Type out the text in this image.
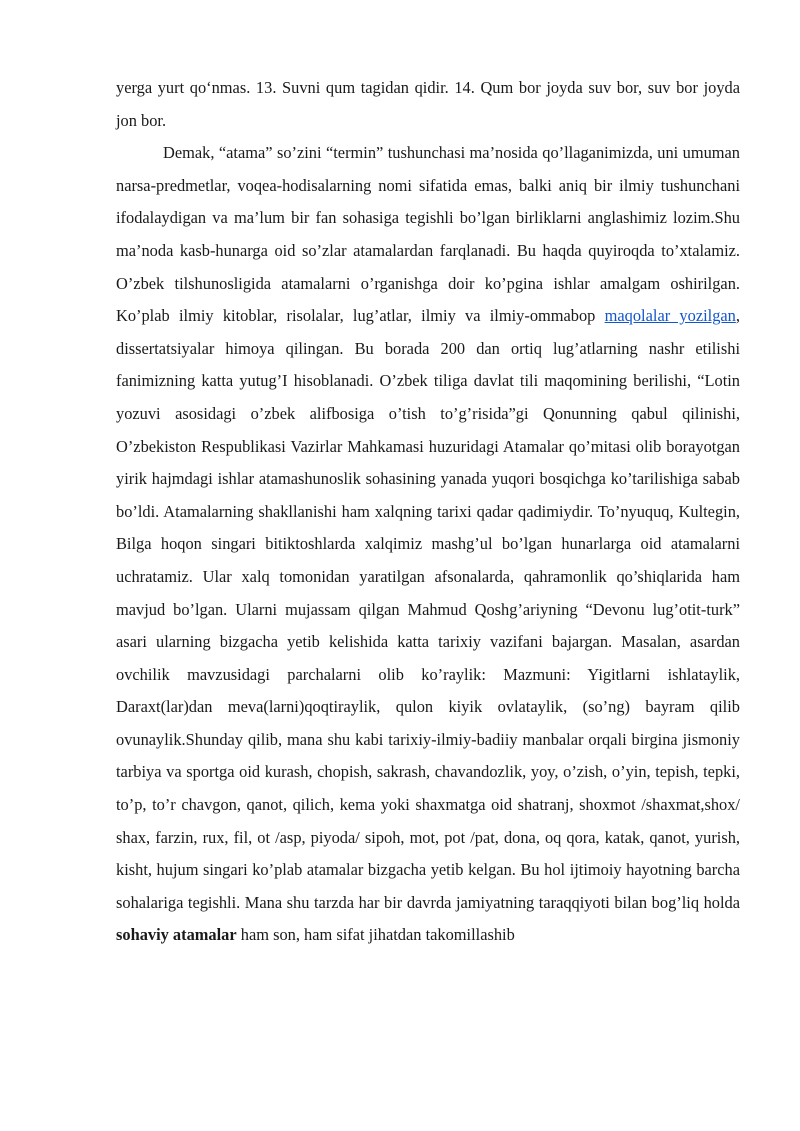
yerga yurt qo‘nmas. 13. Suvni qum tagidan qidir. 14. Qum bor joyda suv bor, suv bor joyda jon bor.

Demak, “atama” so’zini “termin” tushunchasi ma’nosida qo’llaganimizda, uni umuman narsa-predmetlar, voqea-hodisalarning nomi sifatida emas, balki aniq bir ilmiy tushunchani ifodalaydigan va ma’lum bir fan sohasiga tegishli bo’lgan birliklarni anglashimiz lozim.Shu ma’noda kasb-hunarga oid so’zlar atamalardan farqlanadi. Bu haqda quyiroqda to’xtalamiz. O’zbek tilshunosligida atamalarni o’rganishga doir ko’pgina ishlar amalgam oshirilgan. Ko’plab ilmiy kitoblar, risolalar, lug’atlar, ilmiy va ilmiy-ommabop maqolalar yozilgan, dissertatsiyalar himoya qilingan. Bu borada 200 dan ortiq lug’atlarning nashr etilishi fanimizning katta yutug’I hisoblanadi. O’zbek tiliga davlat tili maqomining berilishi, “Lotin yozuvi asosidagi o’zbek alifbosiga o’tish to’g’risida”gi Qonunning qabul qilinishi, O’zbekiston Respublikasi Vazirlar Mahkamasi huzuridagi Atamalar qo’mitasi olib borayotgan yirik hajmdagi ishlar atamashunoslik sohasining yanada yuqori bosqichga ko’tarilishiga sabab bo’ldi. Atamalarning shakllanishi ham xalqning tarixi qadar qadimiydir. To’nyuquq, Kultegin, Bilga hoqon singari bitiktoshlarda xalqimiz mashg’ul bo’lgan hunarlarga oid atamalarni uchratamiz. Ular xalq tomonidan yaratilgan afsonalarda, qahramonlik qo’shiqlarida ham mavjud bo’lgan. Ularni mujassam qilgan Mahmud Qoshg’ariyning “Devonu lug’otit-turk” asari ularning bizgacha yetib kelishida katta tarixiy vazifani bajargan. Masalan, asardan ovchilik mavzusidagi parchalarni olib ko’raylik: Mazmuni: Yigitlarni ishlataylik, Daraxt(lar)dan meva(larni)qoqtiraylik, qulon kiyik ovlataylik, (so’ng) bayram qilib ovunaylik.Shunday qilib, mana shu kabi tarixiy-ilmiy-badiiy manbalar orqali birgina jismoniy tarbiya va sportga oid kurash, chopish, sakrash, chavandozlik, yoy, o’zish, o’yin, tepish, tepki, to’p, to’r chavgon, qanot, qilich, kema yoki shaxmatga oid shatranj, shoxmot /shaxmat,shox/ shax, farzin, rux, fil, ot /asp, piyoda/ sipoh, mot, pot /pat, dona, oq qora, katak, qanot, yurish, kisht, hujum singari ko’plab atamalar bizgacha yetib kelgan. Bu hol ijtimoiy hayotning barcha sohalariga tegishli. Mana shu tarzda har bir davrda jamiyatning taraqqiyoti bilan bog’liq holda sohaviy atamalar ham son, ham sifat jihatdan takomillashib
